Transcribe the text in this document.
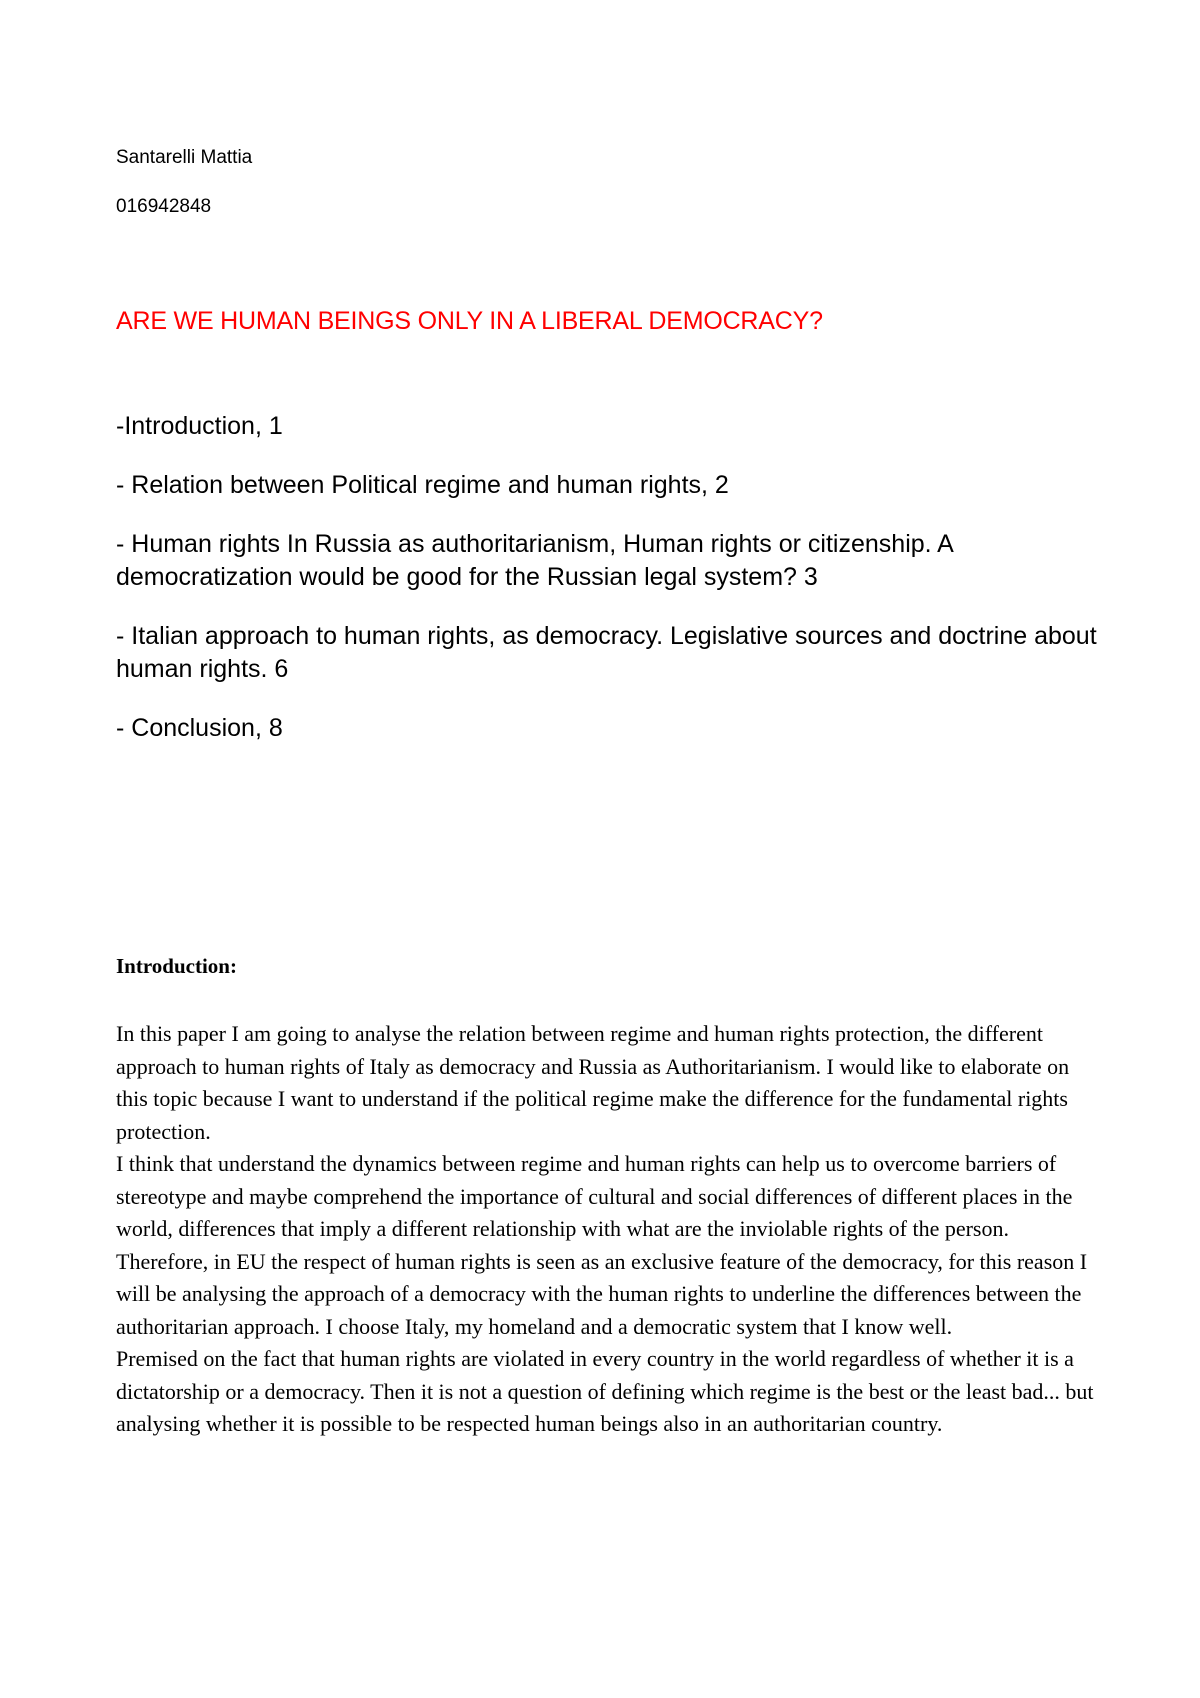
Santarelli Mattia

016942848

ARE WE HUMAN BEINGS ONLY IN A LIBERAL DEMOCRACY?
-Introduction, 1
- Relation between Political regime and human rights, 2
- Human rights In Russia as authoritarianism, Human rights or citizenship. A democratization would be good for the Russian legal system? 3
- Italian approach to human rights, as democracy. Legislative sources and doctrine about human rights. 6
- Conclusion, 8
Introduction:

In this paper I am going to analyse the relation between regime and human rights protection, the different approach to human rights of Italy as democracy and Russia as Authoritarianism. I would like to elaborate on this topic because I want to understand if the political regime make the difference for the fundamental rights protection.

I think that understand the dynamics between regime and human rights can help us to overcome barriers of stereotype and maybe comprehend the importance of cultural and social differences of different places in the world, differences that imply a different relationship with what are the inviolable rights of the person. Therefore, in EU the respect of human rights is seen as an exclusive feature of the democracy, for this reason I will be analysing the approach of a democracy with the human rights to underline the differences between the authoritarian approach. I choose Italy, my homeland and a democratic system that I know well.

Premised on the fact that human rights are violated in every country in the world regardless of whether it is a dictatorship or a democracy. Then it is not a question of defining which regime is the best or the least bad... but analysing whether it is possible to be respected human beings also in an authoritarian country.
